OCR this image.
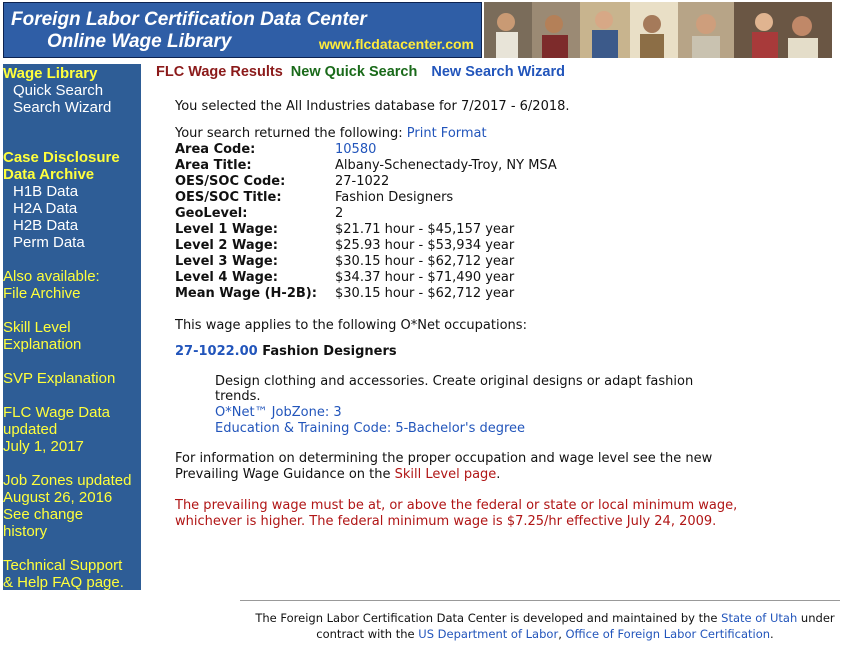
Foreign Labor Certification Data Center
Online Wage Library	www.flcdatacenter.com
Wage Library
Quick Search
Search Wizard
Case Disclosure
Data Archive
H1B Data
H2A Data
H2B Data
Perm Data
Also available:
File Archive
Skill Level
Explanation
SVP Explanation
FLC Wage Data
updated
July 1, 2017
Job Zones updated
August 26, 2016
See change
history
Technical Support
& Help FAQ page.
FLC Wage Results New Quick Search New Search Wizard
You selected the All Industries database for 7/2017 - 6/2018.
Your search returned the following: Print Format
Area Code:	10580
Area Title:	Albany-Schenectady-Troy, NY MSA
OES/SOC Code:	27-1022
OES/SOC Title:	Fashion Designers
GeoLevel:	2
Level 1 Wage:	$21.71 hour - $45,157 year
Level 2 Wage:	$25.93 hour - $53,934 year
Level 3 Wage:	$30.15 hour - $62,712 year
Level 4 Wage:	$34.37 hour - $71,490 year
Mean Wage (H-2B): $30.15 hour - $62,712 year
This wage applies to the following O*Net occupations:
27-1022.00 Fashion Designers
Design clothing and accessories. Create original designs or adapt fashion
trends.
O*Net™ JobZone: 3
Education & Training Code: 5-Bachelor's degree
For information on determining the proper occupation and wage level see the new
Prevailing Wage Guidance on the Skill Level page.
The prevailing wage must be at, or above the federal or state or local minimum wage,
whichever is higher. The federal minimum wage is $7.25/hr effective July 24, 2009.
The Foreign Labor Certification Data Center is developed and maintained by the State of Utah under contract with the US Department of Labor, Office of Foreign Labor Certification.
